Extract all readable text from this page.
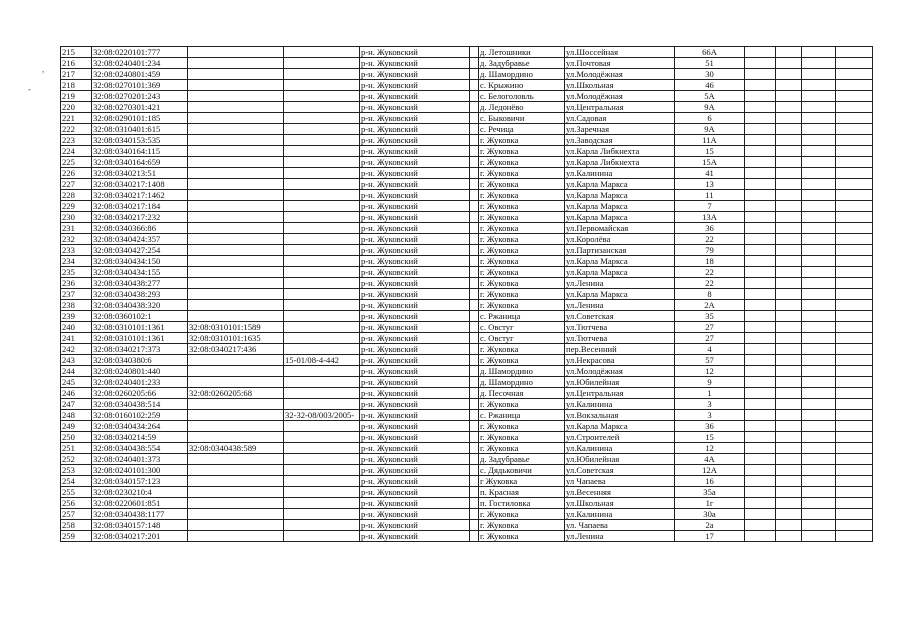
,
-
215	32:08:0220101:777			р-н. Жуковский		д. Летошники	ул.Шоссейная	66А				
216	32:08:0240401:234			р-н. Жуковский		д. Задубравье	ул.Почтовая	51				
217	32:08:0240801:459			р-н. Жуковский		д. Шамордино	ул.Молодёжная	30				
218	32:08:0270101:369			р-н. Жуковский		с. Крыжино	ул.Школьная	46				
219	32:08:0270201:243			р-н. Жуковский		с. Белоголовль	ул.Молодёжная	5А				
220	32:08:0270301:421			р-н. Жуковский		д. Ледонёво	ул.Центральная	9А				
221	32:08:0290101:185			р-н. Жуковский		с. Быковичи	ул.Садовая	6				
222	32:08:0310401:615			р-н. Жуковский		с. Речица	ул.Заречная	9А				
223	32:08:0340153:535			р-н. Жуковский		г. Жуковка	ул.Заводская	11А				
224	32:08:0340164:115			р-н. Жуковский		г. Жуковка	ул.Карла Либкнехта	15				
225	32:08:0340164:659			р-н. Жуковский		г. Жуковка	ул.Карла Либкнехта	15А				
226	32:08:0340213:51			р-н. Жуковский		г. Жуковка	ул.Калинина	41				
227	32:08:0340217:1408			р-н. Жуковский		г. Жуковка	ул.Карла Маркса	13				
228	32:08:0340217:1462			р-н. Жуковский		г. Жуковка	ул.Карла Маркса	11				
229	32:08:0340217:184			р-н. Жуковский		г. Жуковка	ул.Карла Маркса	7				
230	32:08:0340217:232			р-н. Жуковский		г. Жуковка	ул.Карла Маркса	13А				
231	32:08:0340366:86			р-н. Жуковский		г. Жуковка	ул.Первомайская	36				
232	32:08:0340424:357			р-н. Жуковский		г. Жуковка	ул.Королёва	22				
233	32:08:0340427:254			р-н. Жуковский		г. Жуковка	ул.Партизанская	79				
234	32:08:0340434:150			р-н. Жуковский		г. Жуковка	ул.Карла Маркса	18				
235	32:08:0340434:155			р-н. Жуковский		г. Жуковка	ул.Карла Маркса	22				
236	32:08:0340438:277			р-н. Жуковский		г. Жуковка	ул.Ленина	22				
237	32:08:0340438:293			р-н. Жуковский		г. Жуковка	ул.Карла Маркса	8				
238	32:08:0340438:320			р-н. Жуковский		г. Жуковка	ул.Ленина	2А				
239	32:08:0360102:1			р-н. Жуковский		с. Ржаница	ул.Советская	35				
240	32:08:0310101:1361	32:08:0310101:1589		р-н. Жуковский		с. Овстуг	ул.Тютчева	27				
241	32:08:0310101:1361	32:08:0310101:1635		р-н. Жуковский		с. Овстуг	ул.Тютчева	27				
242	32:08:0340217:373	32:08:0340217:436		р-н. Жуковский		г. Жуковка	пер.Весенний	4				
243	32:08:0340380:6		15-01/08-4-442	р-н. Жуковский		г. Жуковка	ул.Некрасова	57				
244	32:08:0240801:440			р-н. Жуковский		д. Шамордино	ул.Молодёжная	12				
245	32:08:0240401:233			р-н. Жуковский		д. Шамордино	ул.Юбилейная	9				
246	32:08:0260205:66	32:08:0260205:68		р-н. Жуковский		д. Песочная	ул.Центральная	1				
247	32:08:0340438:514			р-н. Жуковский		г. Жуковка	ул.Калинина	3				
248	32:08:0160102:259		32-32-08/003/2005-	р-н. Жуковский		с. Ржаница	ул.Вокзальная	3				
249	32:08:0340434:264			р-н. Жуковский		г. Жуковка	ул.Карла Маркса	36				
250	32:08:0340214:59			р-н. Жуковский		г. Жуковка	ул.Строителей	15				
251	32:08:0340438:554	32:08:0340438:589		р-н. Жуковский		г. Жуковка	ул.Калинина	12				
252	32:08:0240401:373			р-н. Жуковский		д. Задубравье	ул.Юбилейная	4А				
253	32:08:0240101:300			р-н. Жуковский		с. Дядьковичи	ул.Советская	12А				
254	32:08:0340157:123			р-н. Жуковский		г Жуковка	ул Чапаева	16				
255	32:08:0230210:4			р-н. Жуковский		п. Красная	ул.Весенняя	35а				
256	32:08:0220601:851			р-н. Жуковский		п. Гостиловка	ул.Школьная	1г				
257	32:08:0340438:1177			р-н. Жуковский		г. Жуковка	ул.Калинина	30а				
258	32:08:0340157:148			р-н. Жуковский		г. Жуковка	ул. Чапаева	2а				
259	32:08:0340217:201			р-н. Жуковский		г. Жуковка	ул.Ленина	17				
